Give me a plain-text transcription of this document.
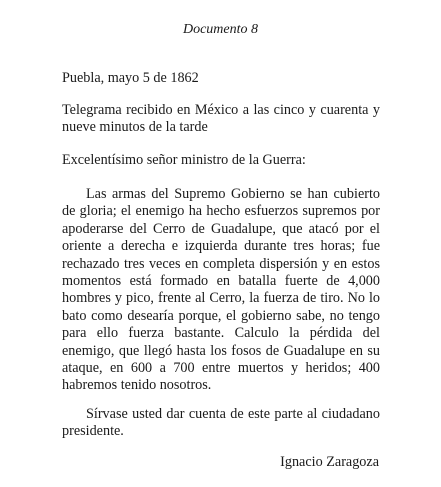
Documento 8
Puebla, mayo 5 de 1862
Telegrama recibido en México a las cinco y cuarenta y nueve minutos de la tarde
Excelentísimo señor ministro de la Guerra:
Las armas del Supremo Gobierno se han cubierto de gloria; el enemigo ha hecho esfuerzos supremos por apoderarse del Cerro de Guadalupe, que atacó por el oriente a derecha e izquierda durante tres horas; fue rechazado tres veces en completa dispersión y en estos momentos está formado en batalla fuerte de 4,000 hombres y pico, frente al Cerro, la fuerza de tiro. No lo bato como desearía porque, el gobierno sabe, no tengo para ello fuerza bastante. Calculo la pérdida del enemigo, que llegó hasta los fosos de Guadalupe en su ataque, en 600 a 700 entre muertos y heridos; 400 habremos tenido nosotros.
Sírvase usted dar cuenta de este parte al ciudadano presidente.
Ignacio Zaragoza
